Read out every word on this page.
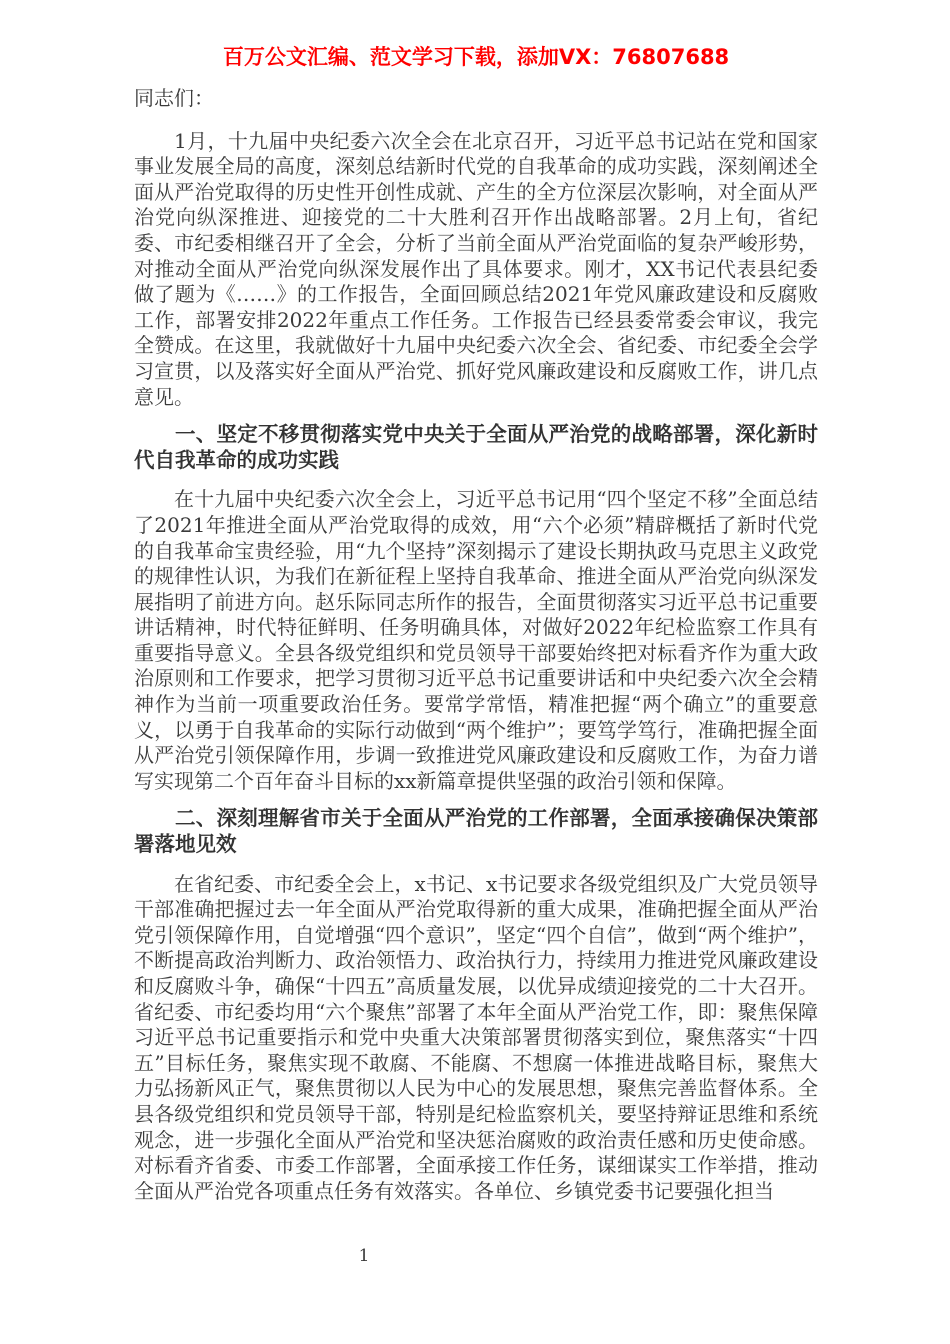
百万公文汇编、范文学习下载，添加VX：76807688

同志们：

1月，十九届中央纪委六次全会在北京召开，习近平总书记站在党和国家事业发展全局的高度，深刻总结新时代党的自我革命的成功实践，深刻阐述全面从严治党取得的历史性开创性成就、产生的全方位深层次影响，对全面从严治党向纵深推进、迎接党的二十大胜利召开作出战略部署。2月上旬，省纪委、市纪委相继召开了全会，分析了当前全面从严治党面临的复杂严峻形势，对推动全面从严治党向纵深发展作出了具体要求。刚才，XX书记代表县纪委做了题为《……》的工作报告，全面回顾总结2021年党风廉政建设和反腐败工作，部署安排2022年重点工作任务。工作报告已经县委常委会审议，我完全赞成。在这里，我就做好十九届中央纪委六次全会、省纪委、市纪委全会学习宣贯，以及落实好全面从严治党、抓好党风廉政建设和反腐败工作，讲几点意见。

一、坚定不移贯彻落实党中央关于全面从严治党的战略部署，深化新时代自我革命的成功实践

在十九届中央纪委六次全会上，习近平总书记用“四个坚定不移”全面总结了2021年推进全面从严治党取得的成效，用“六个必须”精辟概括了新时代党的自我革命宝贵经验，用“九个坚持”深刻揭示了建设长期执政马克思主义政党的规律性认识，为我们在新征程上坚持自我革命、推进全面从严治党向纵深发展指明了前进方向。赵乐际同志所作的报告，全面贯彻落实习近平总书记重要讲话精神，时代特征鲜明、任务明确具体，对做好2022年纪检监察工作具有重要指导意义。全县各级党组织和党员领导干部要始终把对标看齐作为重大政治原则和工作要求，把学习贯彻习近平总书记重要讲话和中央纪委六次全会精神作为当前一项重要政治任务。要常学常悟，精准把握“两个确立”的重要意义，以勇于自我革命的实际行动做到“两个维护”；要笃学笃行，准确把握全面从严治党引领保障作用，步调一致推进党风廉政建设和反腐败工作，为奋力谱写实现第二个百年奋斗目标的xx新篇章提供坚强的政治引领和保障。

二、深刻理解省市关于全面从严治党的工作部署，全面承接确保决策部署落地见效

在省纪委、市纪委全会上，x书记、x书记要求各级党组织及广大党员领导干部准确把握过去一年全面从严治党取得新的重大成果，准确把握全面从严治党引领保障作用，自觉增强“四个意识”，坚定“四个自信”，做到“两个维护”，不断提高政治判断力、政治领悟力、政治执行力，持续用力推进党风廉政建设和反腐败斗争，确保“十四五”高质量发展，以优异成绩迎接党的二十大召开。省纪委、市纪委均用“六个聚焦”部署了本年全面从严治党工作，即：聚焦保障习近平总书记重要指示和党中央重大决策部署贯彻落实到位，聚焦落实“十四五”目标任务，聚焦实现不敢腐、不能腐、不想腐一体推进战略目标，聚焦大力弘扬新风正气，聚焦贯彻以人民为中心的发展思想，聚焦完善监督体系。全县各级党组织和党员领导干部，特别是纪检监察机关，要坚持辩证思维和系统观念，进一步强化全面从严治党和坚决惩治腐败的政治责任感和历史使命感。对标看齐省委、市委工作部署，全面承接工作任务，谋细谋实工作举措，推动全面从严治党各项重点任务有效落实。各单位、乡镇党委书记要强化担当

1
